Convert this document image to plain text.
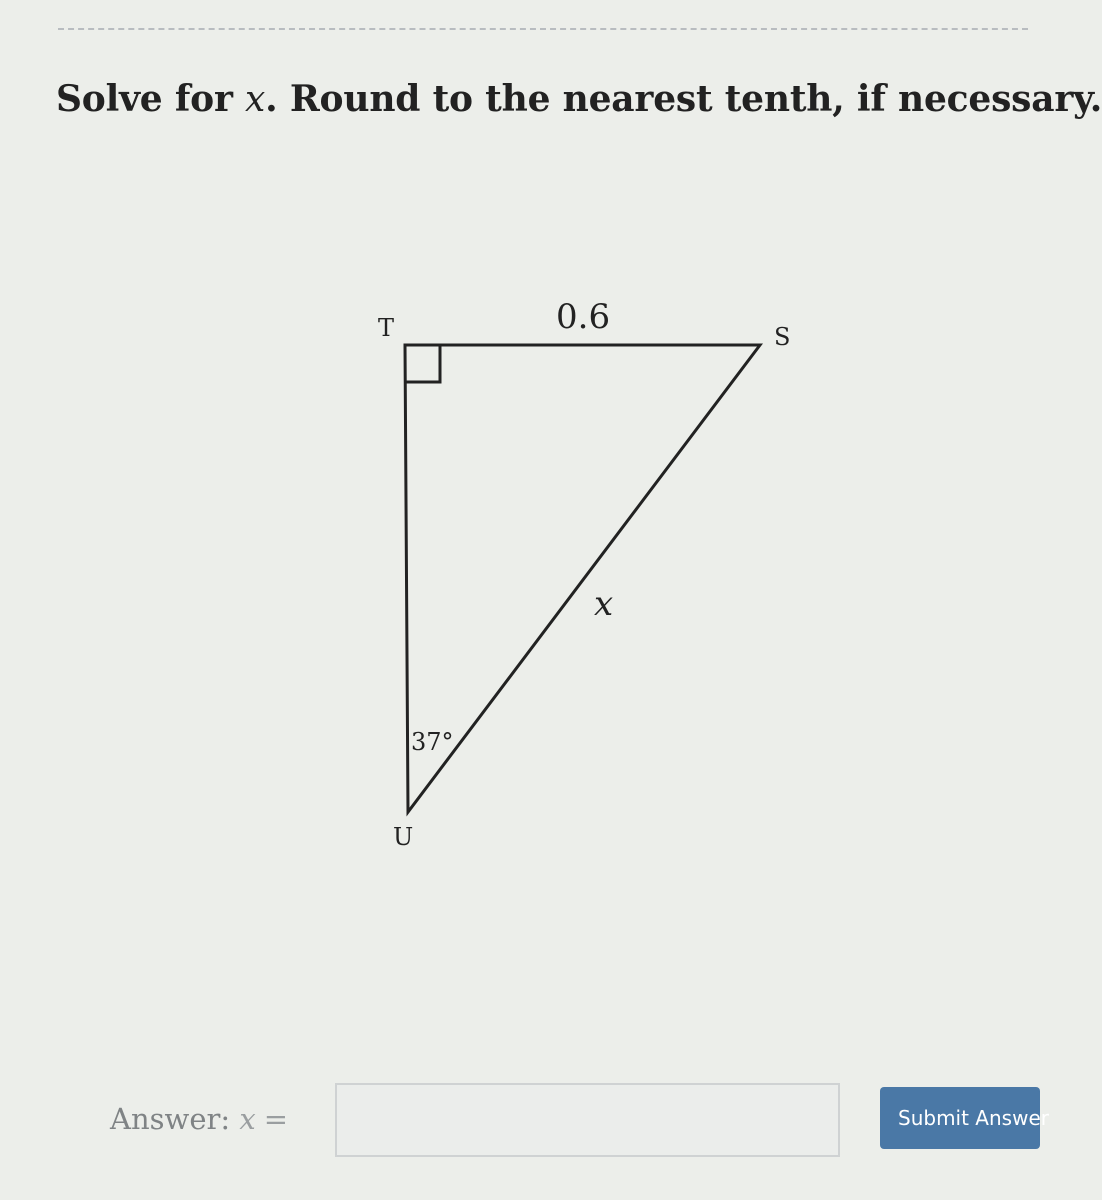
Solve for x. Round to the nearest tenth, if necessary.
T	S
U
0.6
x
37°
Answer: x =	Submit Answer
